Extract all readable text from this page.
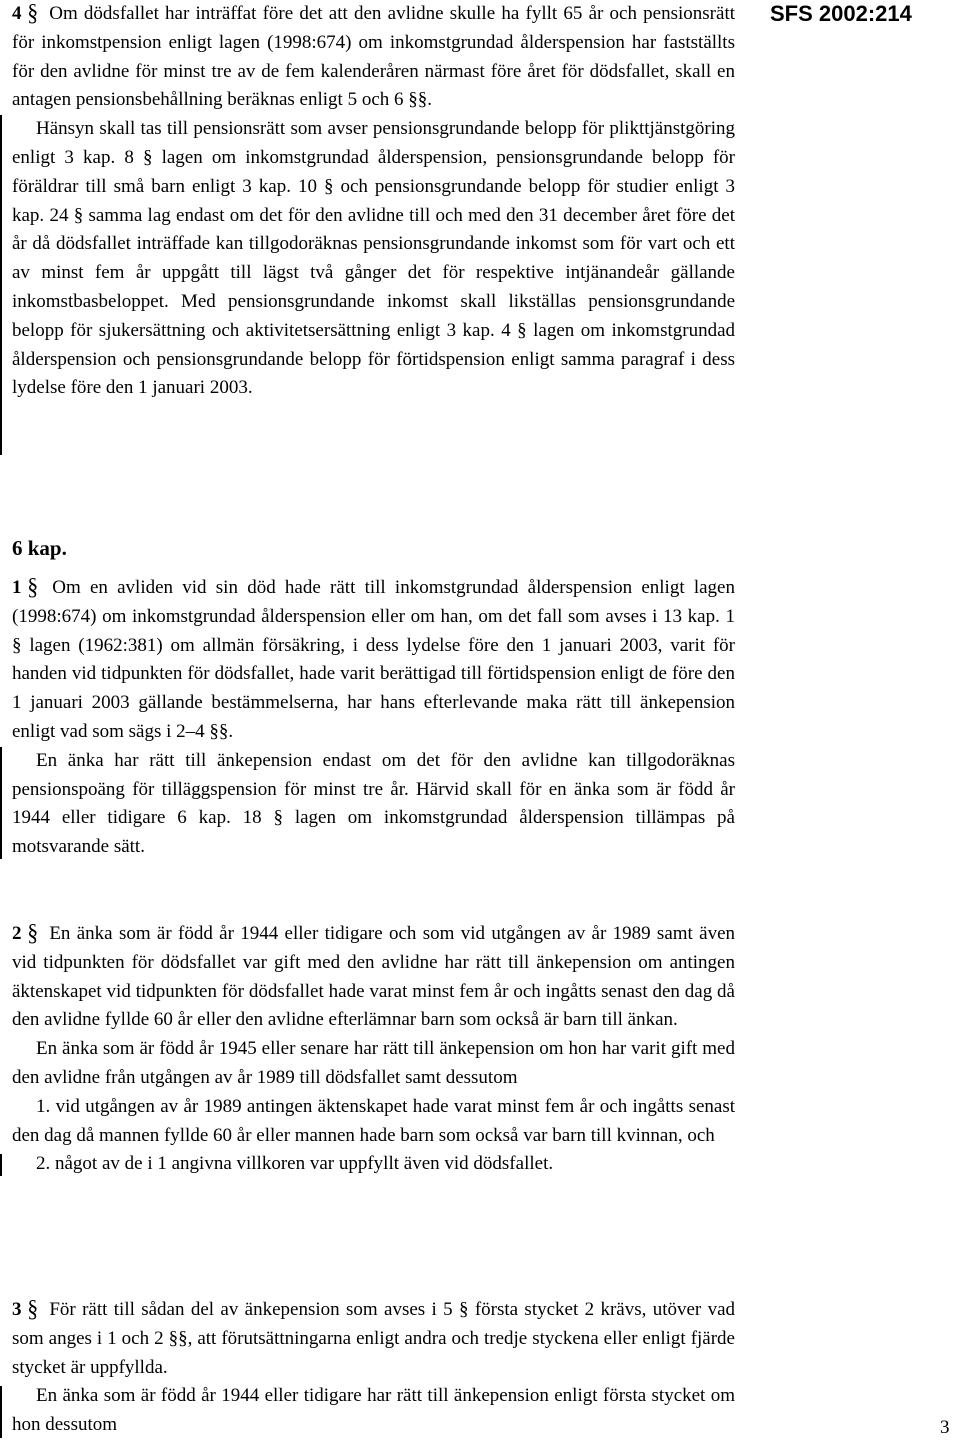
SFS 2002:214

4 § Om dödsfallet har inträffat före det att den avlidne skulle ha fyllt 65 år och pensionsrätt för inkomstpension enligt lagen (1998:674) om inkomstgrundad ålderspension har fastställts för den avlidne för minst tre av de fem kalenderåren närmast före året för dödsfallet, skall en antagen pensionsbehållning beräknas enligt 5 och 6 §§.

Hänsyn skall tas till pensionsrätt som avser pensionsgrundande belopp för plikttjänstgöring enligt 3 kap. 8 § lagen om inkomstgrundad ålderspension, pensionsgrundande belopp för föräldrar till små barn enligt 3 kap. 10 § och pensionsgrundande belopp för studier enligt 3 kap. 24 § samma lag endast om det för den avlidne till och med den 31 december året före det år då dödsfallet inträffade kan tillgodoräknas pensionsgrundande inkomst som för vart och ett av minst fem år uppgått till lägst två gånger det för respektive intjänandeår gällande inkomstbasbeloppet. Med pensionsgrundande inkomst skall likställas pensionsgrundande belopp för sjukersättning och aktivitetsersättning enligt 3 kap. 4 § lagen om inkomstgrundad ålderspension och pensionsgrundande belopp för förtidspension enligt samma paragraf i dess lydelse före den 1 januari 2003.

6 kap.

1 § Om en avliden vid sin död hade rätt till inkomstgrundad ålderspension enligt lagen (1998:674) om inkomstgrundad ålderspension eller om han, om det fall som avses i 13 kap. 1 § lagen (1962:381) om allmän försäkring, i dess lydelse före den 1 januari 2003, varit för handen vid tidpunkten för dödsfallet, hade varit berättigad till förtidspension enligt de före den 1 januari 2003 gällande bestämmelserna, har hans efterlevande maka rätt till änkepension enligt vad som sägs i 2–4 §§.

En änka har rätt till änkepension endast om det för den avlidne kan tillgodoräknas pensionspoäng för tilläggspension för minst tre år. Härvid skall för en änka som är född år 1944 eller tidigare 6 kap. 18 § lagen om inkomstgrundad ålderspension tillämpas på motsvarande sätt.

2 § En änka som är född år 1944 eller tidigare och som vid utgången av år 1989 samt även vid tidpunkten för dödsfallet var gift med den avlidne har rätt till änkepension om antingen äktenskapet vid tidpunkten för dödsfallet hade varat minst fem år och ingåtts senast den dag då den avlidne fyllde 60 år eller den avlidne efterlämnar barn som också är barn till änkan.

En änka som är född år 1945 eller senare har rätt till änkepension om hon har varit gift med den avlidne från utgången av år 1989 till dödsfallet samt dessutom

1. vid utgången av år 1989 antingen äktenskapet hade varat minst fem år och ingåtts senast den dag då mannen fyllde 60 år eller mannen hade barn som också var barn till kvinnan, och

2. något av de i 1 angivna villkoren var uppfyllt även vid dödsfallet.

3 § För rätt till sådan del av änkepension som avses i 5 § första stycket 2 krävs, utöver vad som anges i 1 och 2 §§, att förutsättningarna enligt andra och tredje styckena eller enligt fjärde stycket är uppfyllda.

En änka som är född år 1944 eller tidigare har rätt till änkepension enligt första stycket om hon dessutom	3
